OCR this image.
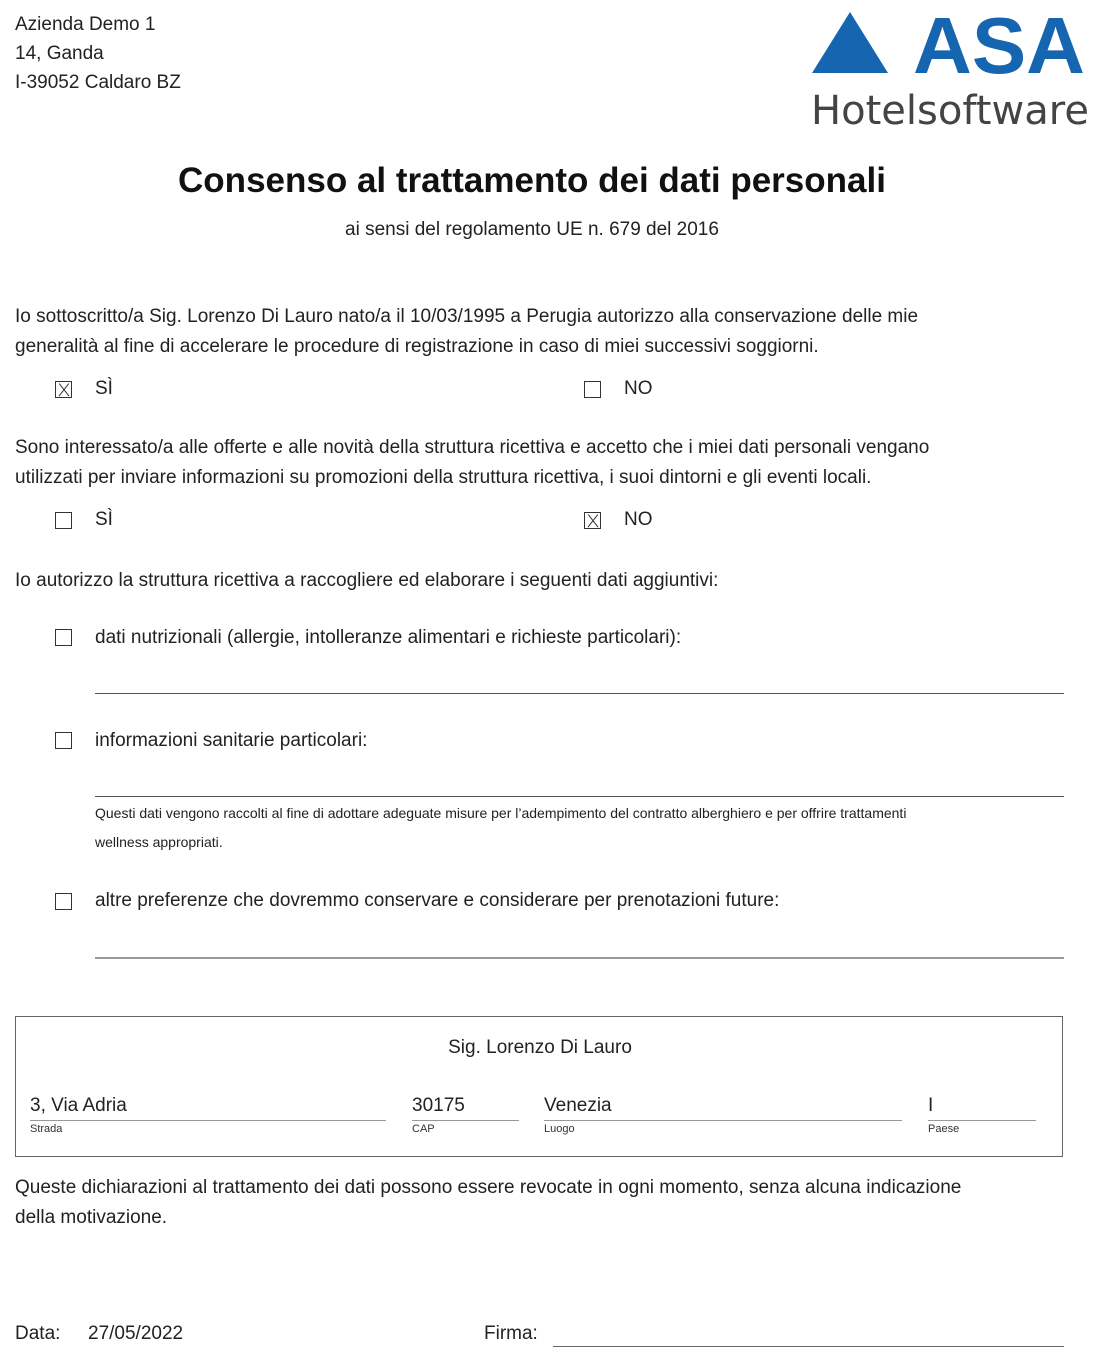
Azienda Demo 1
14, Ganda
I-39052 Caldaro BZ	ASA
Hotelsoftware
Consenso al trattamento dei dati personali
ai sensi del regolamento UE n. 679 del 2016
Io sottoscritto/a Sig. Lorenzo Di Lauro nato/a il 10/03/1995 a Perugia autorizzo alla conservazione delle mie
generalità al fine di accelerare le procedure di registrazione in caso di miei successivi soggiorni.
SÌ	NO
Sono interessato/a alle offerte e alle novità della struttura ricettiva e accetto che i miei dati personali vengano
utilizzati per inviare informazioni su promozioni della struttura ricettiva, i suoi dintorni e gli eventi locali.
SÌ	NO
Io autorizzo la struttura ricettiva a raccogliere ed elaborare i seguenti dati aggiuntivi:
dati nutrizionali (allergie, intolleranze alimentari e richieste particolari):
informazioni sanitarie particolari:
Questi dati vengono raccolti al fine di adottare adeguate misure per l’adempimento del contratto alberghiero e per offrire trattamenti
wellness appropriati.
altre preferenze che dovremmo conservare e considerare per prenotazioni future:
Sig. Lorenzo Di Lauro
3, Via Adria
Strada
30175
CAP
Venezia
Luogo
I
Paese
Queste dichiarazioni al trattamento dei dati possono essere revocate in ogni momento, senza alcuna indicazione
della motivazione.
Data: 27/05/2022	Firma:
